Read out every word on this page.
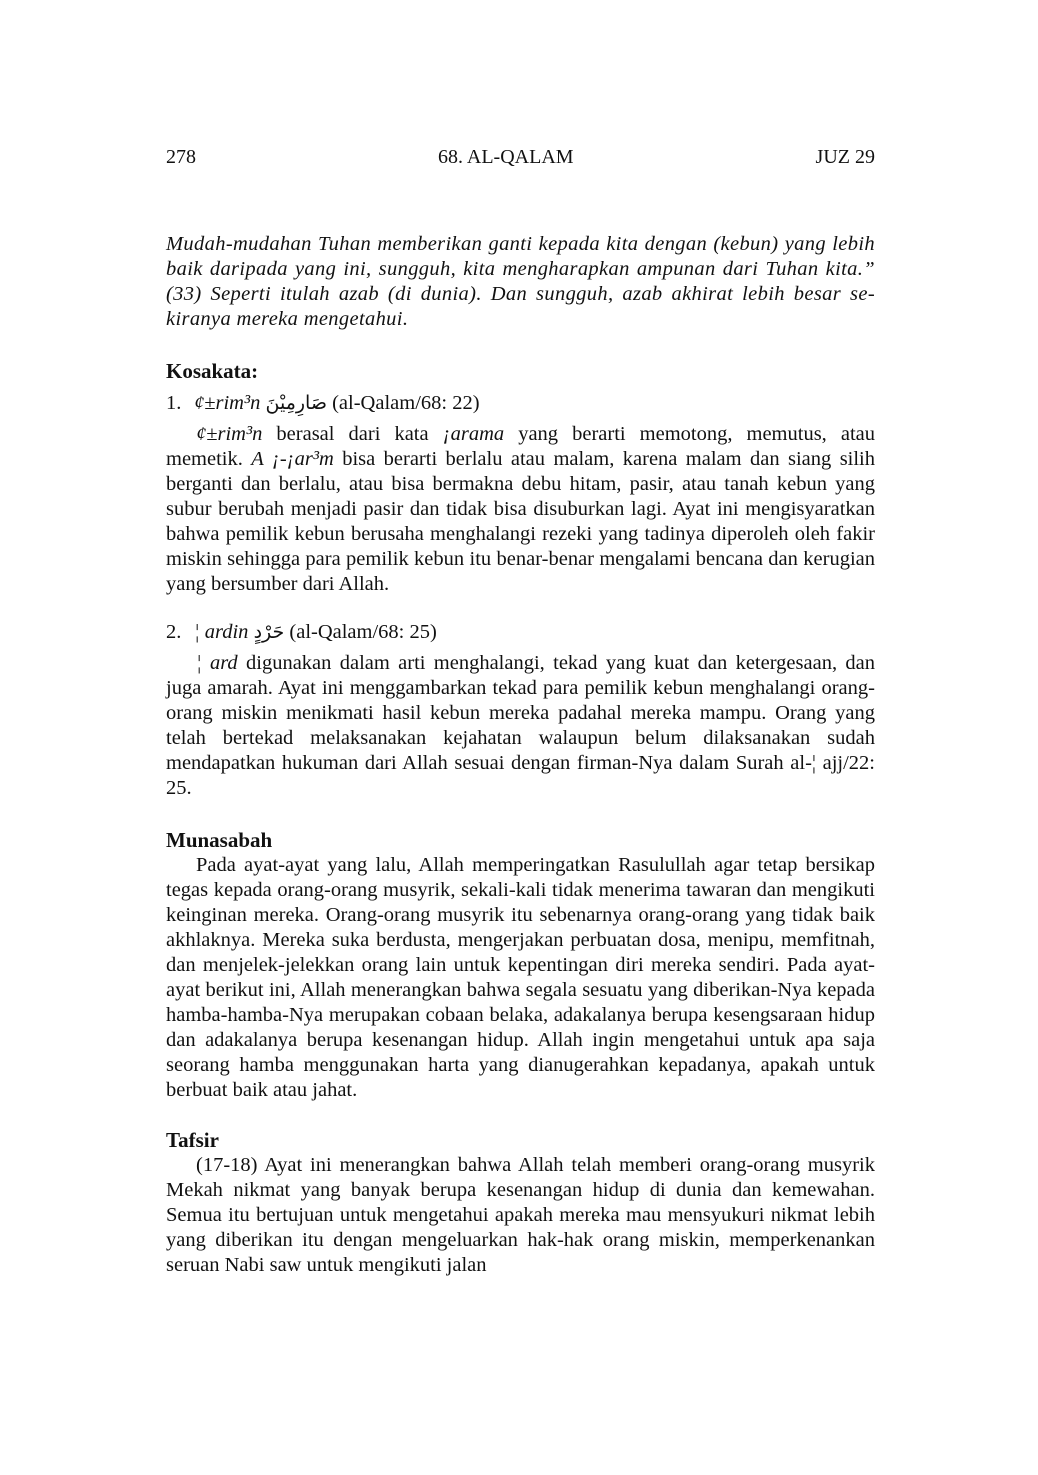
278	68. AL-QALAM	JUZ 29

Mudah-mudahan Tuhan memberikan ganti kepada kita dengan (kebun) yang lebih baik daripada yang ini, sungguh, kita mengharapkan ampunan dari Tuhan kita.” (33) Seperti itulah azab (di dunia). Dan sungguh, azab akhirat lebih besar se-kiranya mereka mengetahui.

Kosakata:
1. ¢±rim³n صَارِمِيْنَ (al-Qalam/68: 22)

¢±rim³n berasal dari kata ¡arama yang berarti memotong, memutus, atau memetik. A ¡-¡ar³m bisa berarti berlalu atau malam, karena malam dan siang silih berganti dan berlalu, atau bisa bermakna debu hitam, pasir, atau tanah kebun yang subur berubah menjadi pasir dan tidak bisa disuburkan lagi. Ayat ini mengisyaratkan bahwa pemilik kebun berusaha menghalangi rezeki yang tadinya diperoleh oleh fakir miskin sehingga para pemilik kebun itu benar-benar mengalami bencana dan kerugian yang bersumber dari Allah.

2. ¦ ardin حَرْدٍ (al-Qalam/68: 25)

¦ ard digunakan dalam arti menghalangi, tekad yang kuat dan ketergesaan, dan juga amarah. Ayat ini menggambarkan tekad para pemilik kebun menghalangi orang-orang miskin menikmati hasil kebun mereka padahal mereka mampu. Orang yang telah bertekad melaksanakan kejahatan walaupun belum dilaksanakan sudah mendapatkan hukuman dari Allah sesuai dengan firman-Nya dalam Surah al-¦ ajj/22: 25.

Munasabah

Pada ayat-ayat yang lalu, Allah memperingatkan Rasulullah agar tetap bersikap tegas kepada orang-orang musyrik, sekali-kali tidak menerima tawaran dan mengikuti keinginan mereka. Orang-orang musyrik itu sebenarnya orang-orang yang tidak baik akhlaknya. Mereka suka berdusta, mengerjakan perbuatan dosa, menipu, memfitnah, dan menjelek-jelekkan orang lain untuk kepentingan diri mereka sendiri. Pada ayat-ayat berikut ini, Allah menerangkan bahwa segala sesuatu yang diberikan-Nya kepada hamba-hamba-Nya merupakan cobaan belaka, adakalanya berupa kesengsaraan hidup dan adakalanya berupa kesenangan hidup. Allah ingin mengetahui untuk apa saja seorang hamba menggunakan harta yang dianugerahkan kepadanya, apakah untuk berbuat baik atau jahat.

Tafsir

(17-18) Ayat ini menerangkan bahwa Allah telah memberi orang-orang musyrik Mekah nikmat yang banyak berupa kesenangan hidup di dunia dan kemewahan. Semua itu bertujuan untuk mengetahui apakah mereka mau mensyukuri nikmat lebih yang diberikan itu dengan mengeluarkan hak-hak orang miskin, memperkenankan seruan Nabi saw untuk mengikuti jalan
